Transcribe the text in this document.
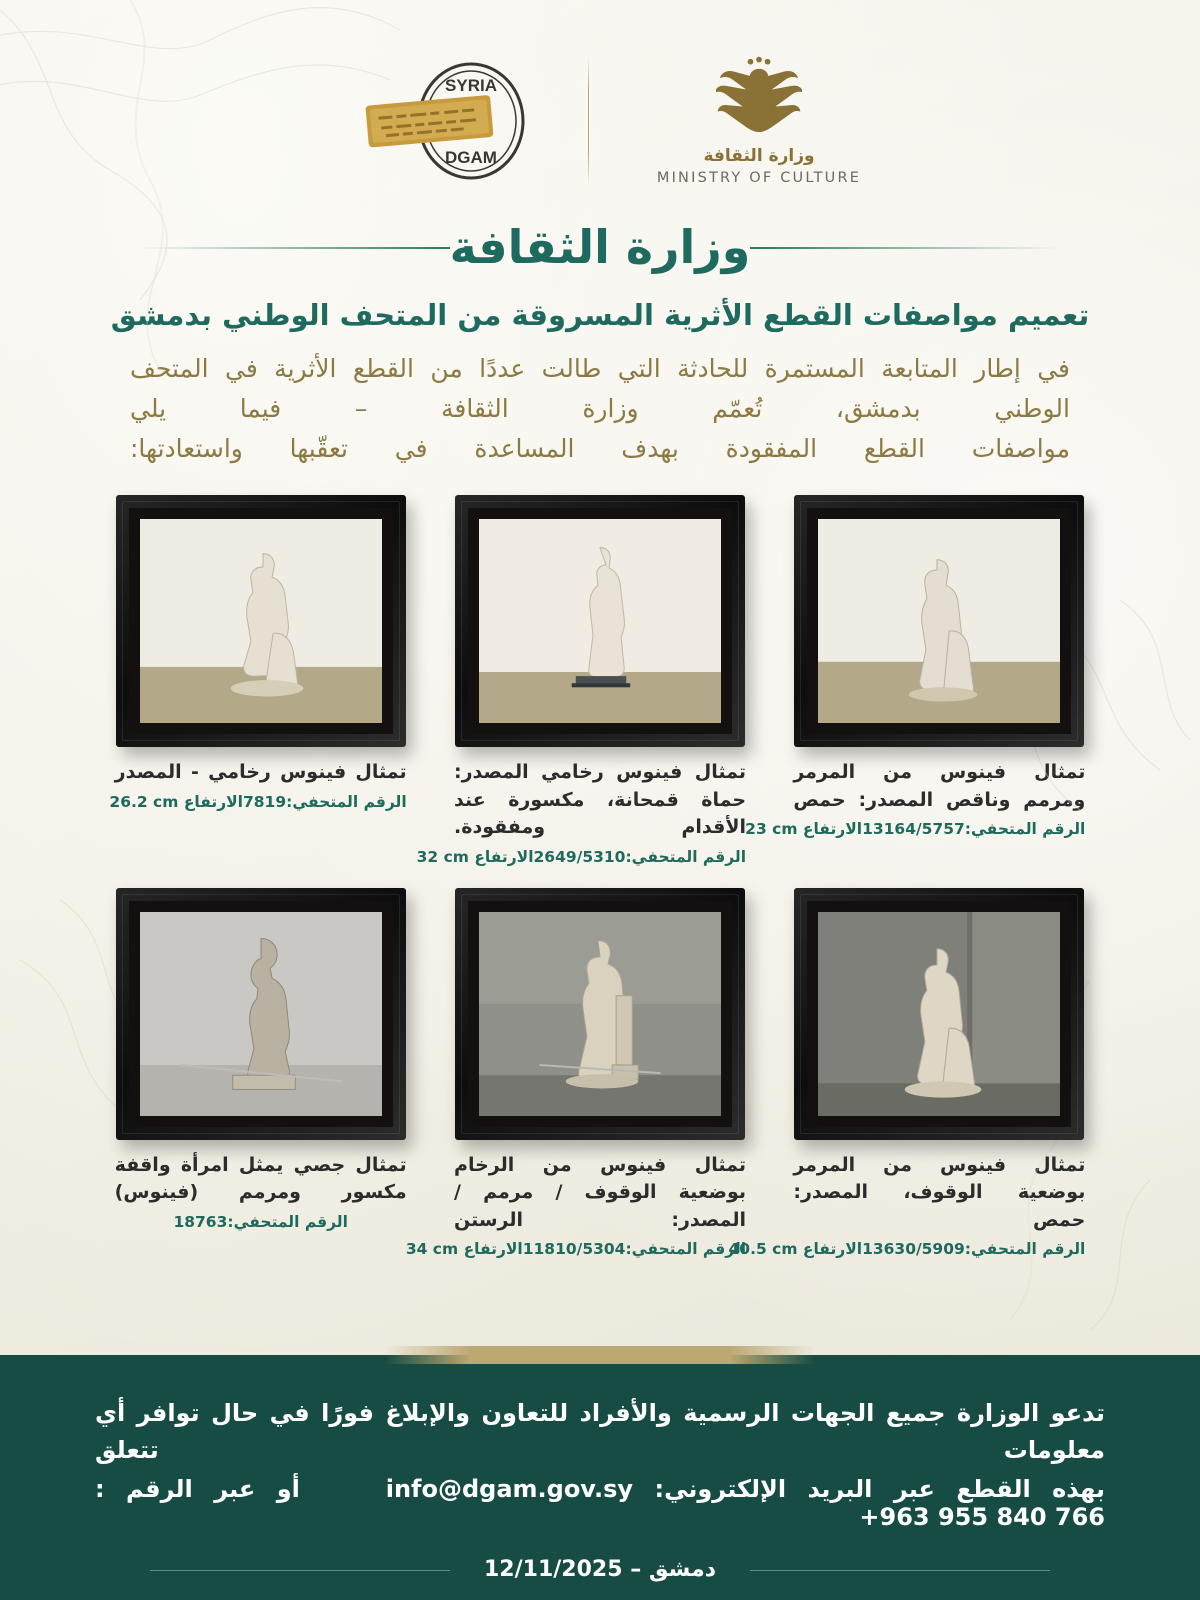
وزارة الثقافة
MINISTRY OF CULTURE
SYRIA
DGAM
وزارة الثقافة
تعميم مواصفات القطع الأثرية المسروقة من المتحف الوطني بدمشق

في إطار المتابعة المستمرة للحادثة التي طالت عددًا من القطع الأثرية في المتحف

الوطني بدمشق، تُعمّم وزارة الثقافة – فيما يلي

مواصفات القطع المفقودة بهدف المساعدة في تعقّبها واستعادتها:

تمثال فينوس من المرمر ومرمم وناقص المصدر: حمص
الرقم المتحفي:13164/5757
الارتفاع 23 cm
تمثال فينوس رخامي المصدر: حماة قمحانة، مكسورة عند الأقدام ومفقودة.
الرقم المتحفي:2649/5310
الارتفاع 32 cm
تمثال فينوس رخامي - المصدر
الرقم المتحفي:7819
الارتفاع 26.2 cm
تمثال فينوس من المرمر بوضعية الوقوف، المصدر: حمص
الرقم المتحفي:13630/5909
الارتفاع 40.5 cm
تمثال فينوس من الرخام بوضعية الوقوف / مرمم / المصدر: الرستن
الرقم المتحفي:11810/5304
الارتفاع 34 cm
تمثال جصي يمثل امرأة واقفة مكسور ومرمم (فينوس)
الرقم المتحفي:18763
تدعو الوزارة جميع الجهات الرسمية والأفراد للتعاون والإبلاغ فورًا في حال توافر أي معلومات تتعلق
بهذه القطع عبر البريد الإلكتروني: info@dgam.gov.sy    أو عبر الرقم : +963 955 840 766
دمشق – 12/11/2025
